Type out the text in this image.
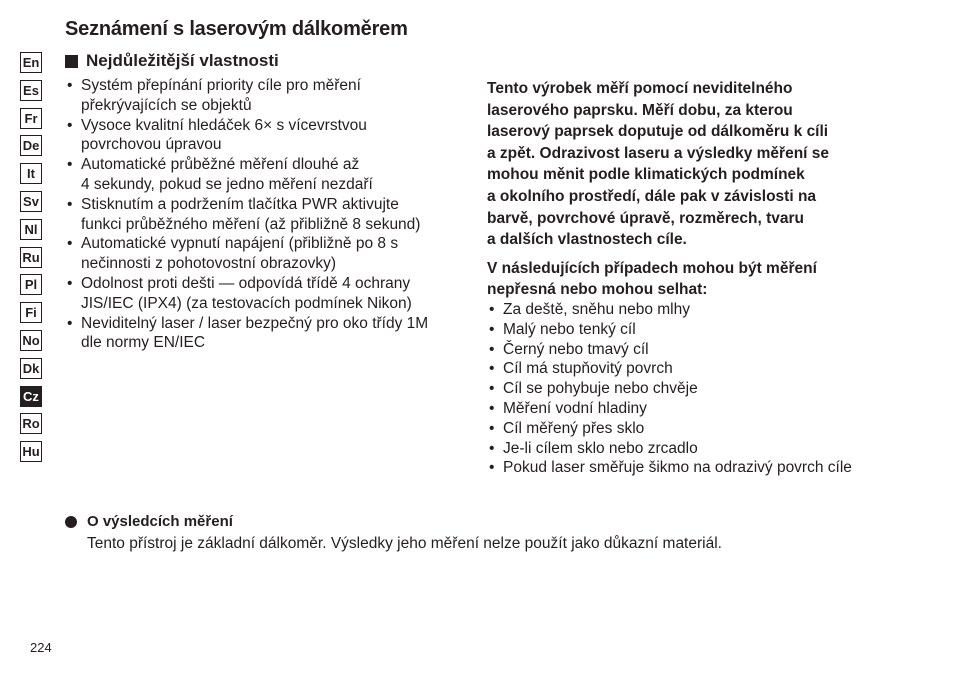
Seznámení s laserovým dálkoměrem
En
Es
Fr
De
It
Sv
Nl
Ru
Pl
Fi
No
Dk
Cz
Ro
Hu
Nejdůležitější vlastnosti
• Systém přepínání priority cíle pro měření
překrývajících se objektů
• Vysoce kvalitní hledáček 6× s vícevrstvou
povrchovou úpravou
• Automatické průběžné měření dlouhé až
4 sekundy, pokud se jedno měření nezdaří
• Stisknutím a podržením tlačítka PWR aktivujte
funkci průběžného měření (až přibližně 8 sekund)
• Automatické vypnutí napájení (přibližně po 8 s
nečinnosti z pohotovostní obrazovky)
• Odolnost proti dešti — odpovídá třídě 4 ochrany
JIS/IEC (IPX4) (za testovacích podmínek Nikon)
• Neviditelný laser / laser bezpečný pro oko třídy 1M
dle normy EN/IEC

Tento výrobek měří pomocí neviditelného
laserového paprsku. Měří dobu, za kterou
laserový paprsek doputuje od dálkoměru k cíli
a zpět. Odrazivost laseru a výsledky měření se
mohou měnit podle klimatických podmínek
a okolního prostředí, dále pak v závislosti na
barvě, povrchové úpravě, rozměrech, tvaru
a dalších vlastnostech cíle.

V následujících případech mohou být měření
nepřesná nebo mohou selhat:

• Za deště, sněhu nebo mlhy
• Malý nebo tenký cíl
• Černý nebo tmavý cíl
• Cíl má stupňovitý povrch
• Cíl se pohybuje nebo chvěje
• Měření vodní hladiny
• Cíl měřený přes sklo
• Je-li cílem sklo nebo zrcadlo
• Pokud laser směřuje šikmo na odrazivý povrch cíle
O výsledcích měření
Tento přístroj je základní dálkoměr. Výsledky jeho měření nelze použít jako důkazní materiál.
224
